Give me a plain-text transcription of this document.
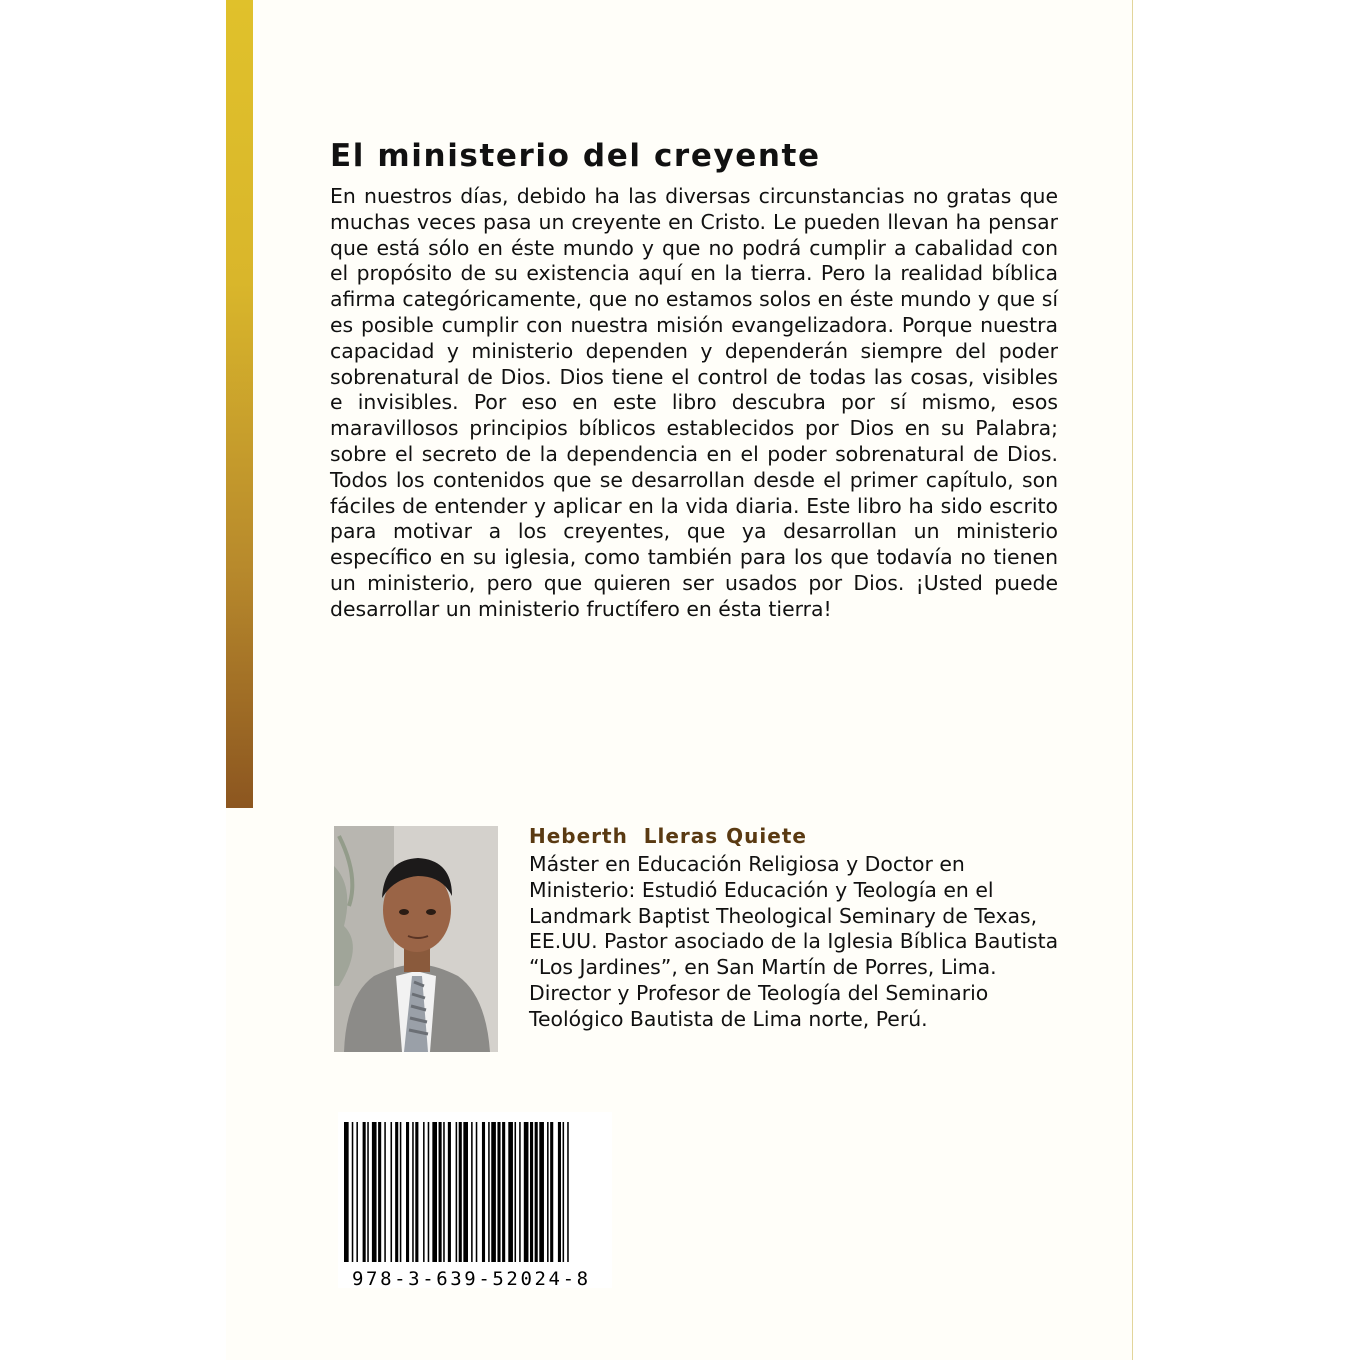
El ministerio del creyente

En nuestros días, debido ha las diversas circunstancias no gratas que muchas veces pasa un creyente en Cristo. Le pueden llevan ha pensar que está sólo en éste mundo y que no podrá cumplir a cabalidad con el propósito de su existencia aquí en la tierra. Pero la realidad bíblica afirma categóricamente, que no estamos solos en éste mundo y que sí es posible cumplir con nuestra misión evangelizadora. Porque nuestra capacidad y ministerio dependen y dependerán siempre del poder sobrenatural de Dios. Dios tiene el control de todas las cosas, visibles e invisibles. Por eso en este libro descubra por sí mismo, esos maravillosos principios bíblicos establecidos por Dios en su Palabra; sobre el secreto de la dependencia en el poder sobrenatural de Dios. Todos los contenidos que se desarrollan desde el primer capítulo, son fáciles de entender y aplicar en la vida diaria. Este libro ha sido escrito para motivar a los creyentes, que ya desarrollan un ministerio específico en su iglesia, como también para los que todavía no tienen un ministerio, pero que quieren ser usados por Dios. ¡Usted puede desarrollar un ministerio fructífero en ésta tierra!

Heberth  Lleras Quiete

Máster en Educación Religiosa y Doctor en Ministerio: Estudió Educación y Teología en el Landmark Baptist Theological Seminary de Texas, EE.UU. Pastor asociado de la Iglesia Bíblica Bautista “Los Jardines”, en San Martín de Porres, Lima. Director y Profesor de Teología del Seminario Teológico Bautista de Lima norte, Perú.

978-3-639-52024-8
